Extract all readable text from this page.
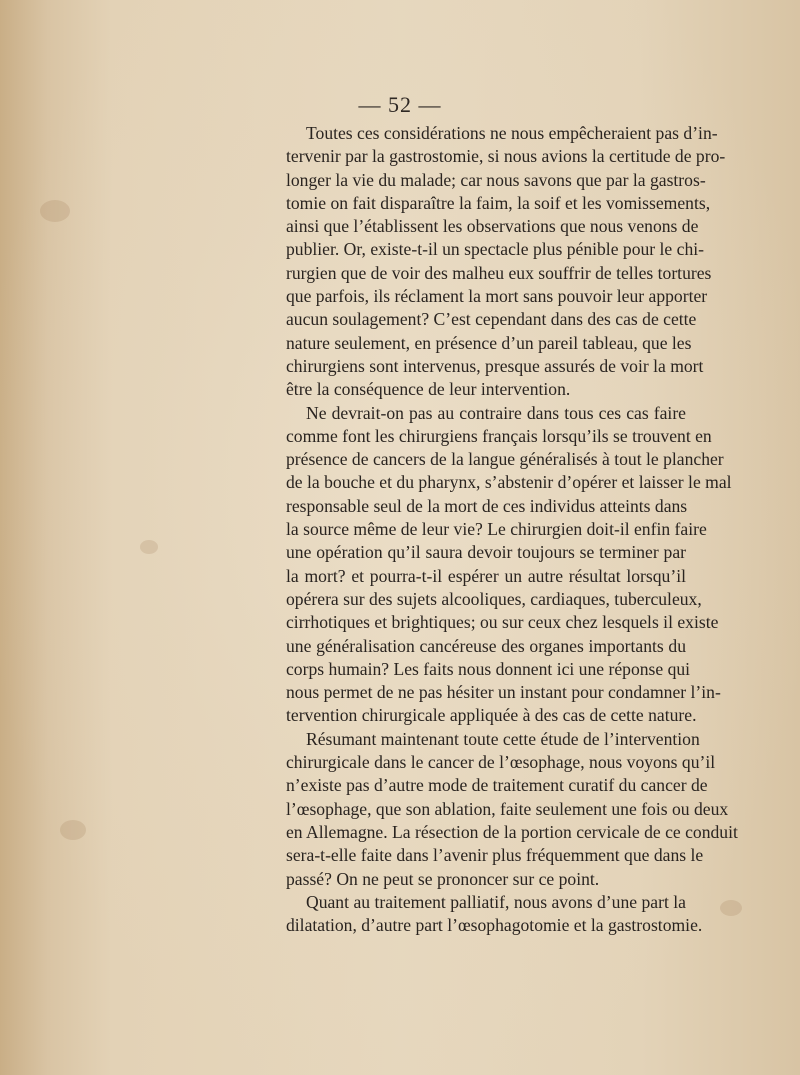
— 52 —
Toutes ces considérations ne nous empêcheraient pas d’in-
tervenir par la gastrostomie, si nous avions la certitude de pro-
longer la vie du malade; car nous savons que par la gastros-
tomie on fait disparaître la faim, la soif et les vomissements,
ainsi que l’établissent les observations que nous venons de
publier. Or, existe-t-il un spectacle plus pénible pour le chi-
rurgien que de voir des malheu eux souffrir de telles tortures
que parfois, ils réclament la mort sans pouvoir leur apporter
aucun soulagement? C’est cependant dans des cas de cette
nature seulement, en présence d’un pareil tableau, que les
chirurgiens sont intervenus, presque assurés de voir la mort
être la conséquence de leur intervention.
Ne devrait-on pas au contraire dans tous ces cas faire
comme font les chirurgiens français lorsqu’ils se trouvent en
présence de cancers de la langue généralisés à tout le plancher
de la bouche et du pharynx, s’abstenir d’opérer et laisser le mal
responsable seul de la mort de ces individus atteints dans
la source même de leur vie? Le chirurgien doit-il enfin faire
une opération qu’il saura devoir toujours se terminer par
la mort? et pourra-t-il espérer un autre résultat lorsqu’il
opérera sur des sujets alcooliques, cardiaques, tuberculeux,
cirrhotiques et brightiques; ou sur ceux chez lesquels il existe
une généralisation cancéreuse des organes importants du
corps humain? Les faits nous donnent ici une réponse qui
nous permet de ne pas hésiter un instant pour condamner l’in-
tervention chirurgicale appliquée à des cas de cette nature.
Résumant maintenant toute cette étude de l’intervention
chirurgicale dans le cancer de l’œsophage, nous voyons qu’il
n’existe pas d’autre mode de traitement curatif du cancer de
l’œsophage, que son ablation, faite seulement une fois ou deux
en Allemagne. La résection de la portion cervicale de ce conduit
sera-t-elle faite dans l’avenir plus fréquemment que dans le
passé? On ne peut se prononcer sur ce point.
Quant au traitement palliatif, nous avons d’une part la
dilatation, d’autre part l’œsophagotomie et la gastrostomie.
